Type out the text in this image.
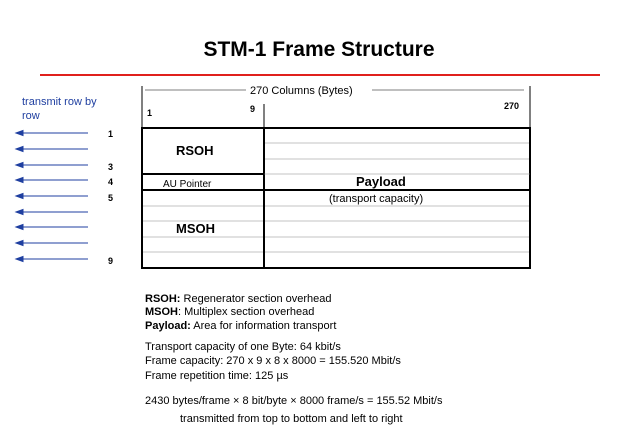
STM-1 Frame Structure
transmit row by row
270 Columns (Bytes)
1	9	270
1
3
4
5
9
RSOH
AU Pointer
MSOH
Payload
(transport capacity)
RSOH: Regenerator section overhead
MSOH: Multiplex section overhead
Payload: Area for information transport
Transport capacity of one Byte: 64 kbit/s
Frame capacity: 270 x 9 x 8 x 8000 = 155.520 Mbit/s
Frame repetition time: 125 µs
2430 bytes/frame × 8 bit/byte × 8000 frame/s = 155.52 Mbit/s
transmitted from top to bottom and left to right
